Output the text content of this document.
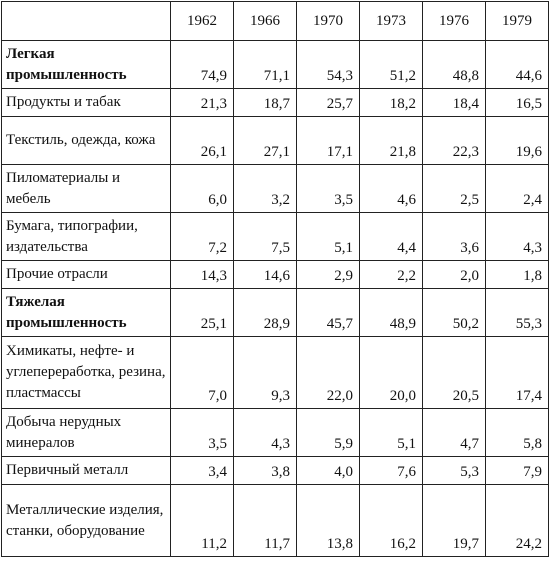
	1962	1966	1970	1973	1976	1979
Легкая промышленность	74,9	71,1	54,3	51,2	48,8	44,6
Продукты и табак	21,3	18,7	25,7	18,2	18,4	16,5
Текстиль, одежда, кожа	26,1	27,1	17,1	21,8	22,3	19,6
Пиломатериалы и мебель	6,0	3,2	3,5	4,6	2,5	2,4
Бумага, типографии, издательства	7,2	7,5	5,1	4,4	3,6	4,3
Прочие отрасли	14,3	14,6	2,9	2,2	2,0	1,8
Тяжелая промышленность	25,1	28,9	45,7	48,9	50,2	55,3
Химикаты, нефте- и углепереработка, резина, пластмассы	7,0	9,3	22,0	20,0	20,5	17,4
Добыча нерудных минералов	3,5	4,3	5,9	5,1	4,7	5,8
Первичный металл	3,4	3,8	4,0	7,6	5,3	7,9
Металлические изделия, станки, оборудование	11,2	11,7	13,8	16,2	19,7	24,2
